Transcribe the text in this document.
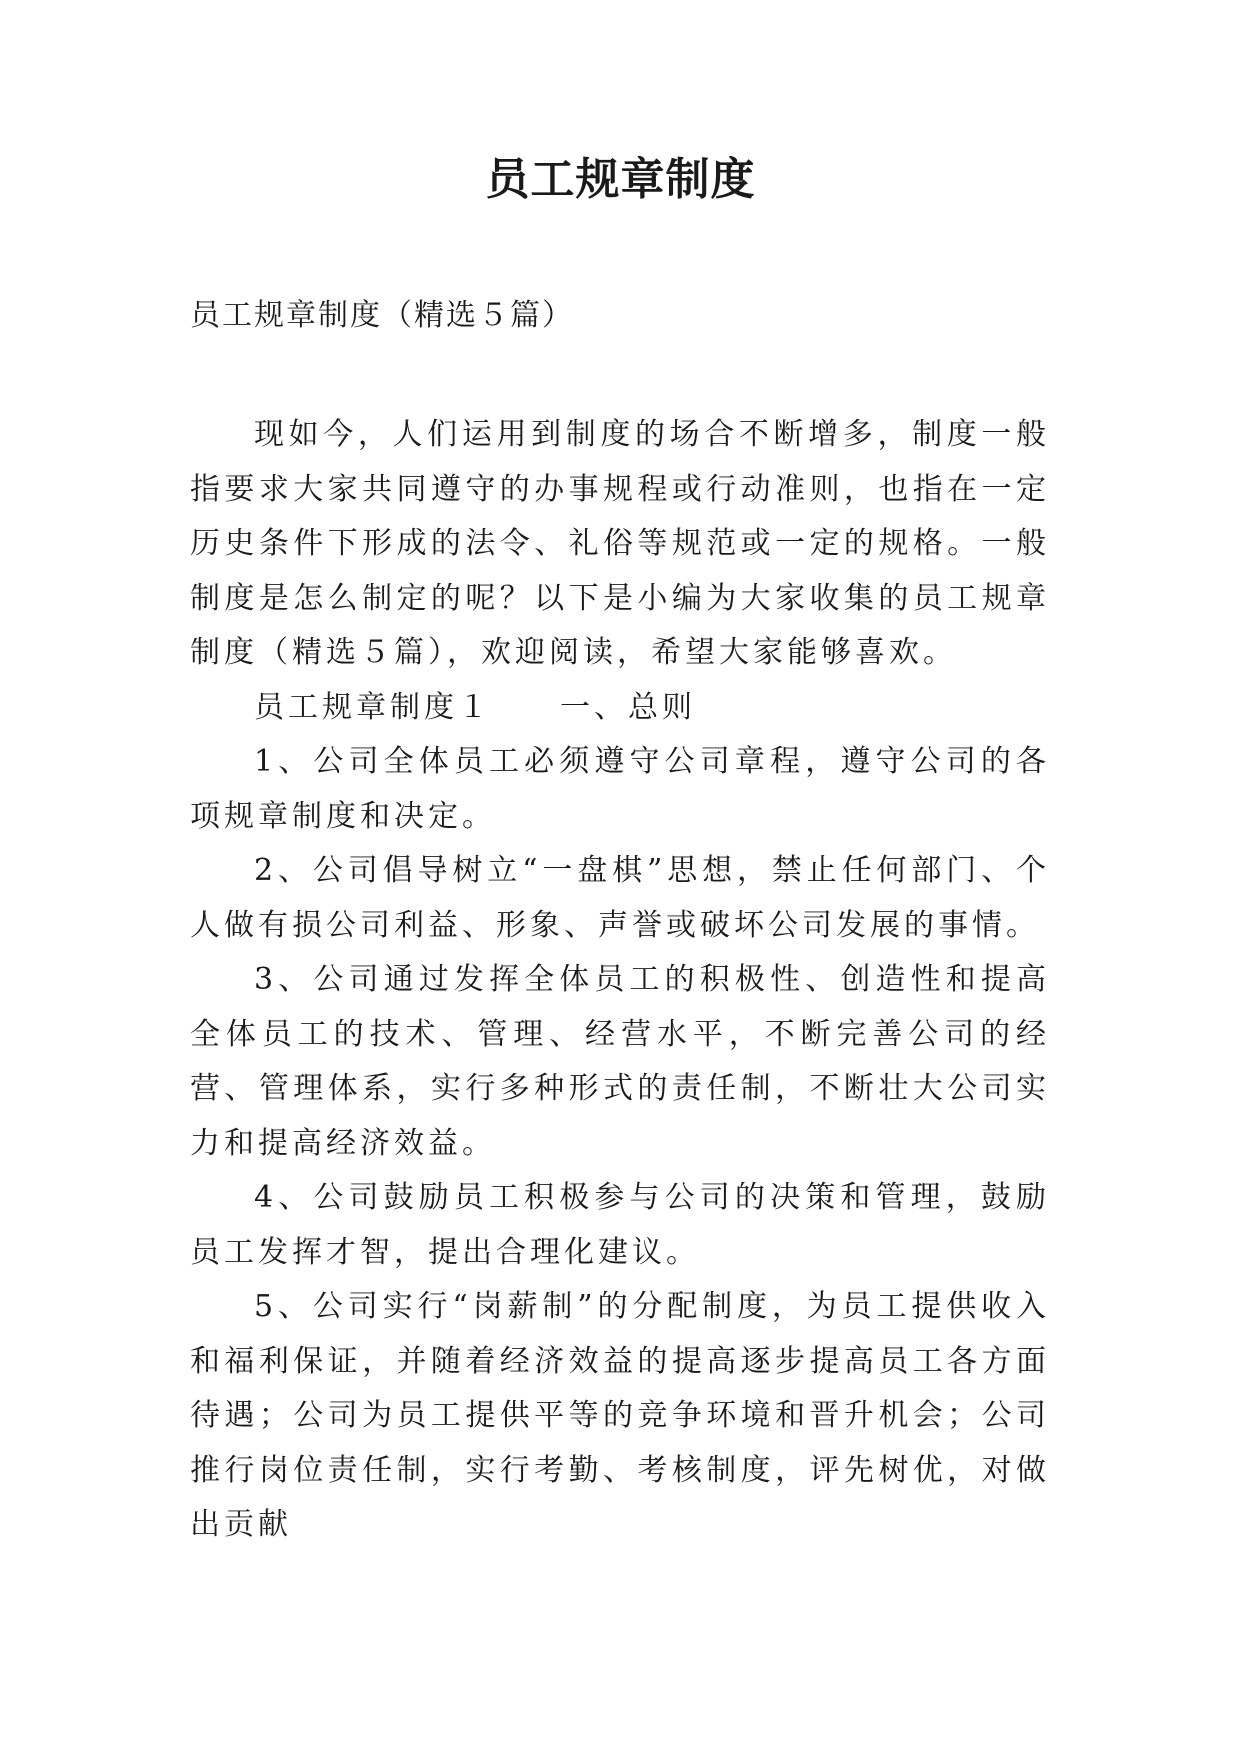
员工规章制度

员工规章制度（精选５篇）

现如今，人们运用到制度的场合不断增多，制度一般指要求大家共同遵守的办事规程或行动准则，也指在一定历史条件下形成的法令、礼俗等规范或一定的规格。一般制度是怎么制定的呢？以下是小编为大家收集的员工规章制度（精选５篇），欢迎阅读，希望大家能够喜欢。

员工规章制度１ 一、总则

1、公司全体员工必须遵守公司章程，遵守公司的各项规章制度和决定。

2、公司倡导树立“一盘棋”思想，禁止任何部门、个人做有损公司利益、形象、声誉或破坏公司发展的事情。

3、公司通过发挥全体员工的积极性、创造性和提高全体员工的技术、管理、经营水平，不断完善公司的经营、管理体系，实行多种形式的责任制，不断壮大公司实力和提高经济效益。

4、公司鼓励员工积极参与公司的决策和管理，鼓励员工发挥才智，提出合理化建议。

5、公司实行“岗薪制”的分配制度，为员工提供收入和福利保证，并随着经济效益的提高逐步提高员工各方面待遇；公司为员工提供平等的竞争环境和晋升机会；公司推行岗位责任制，实行考勤、考核制度，评先树优，对做出贡献
